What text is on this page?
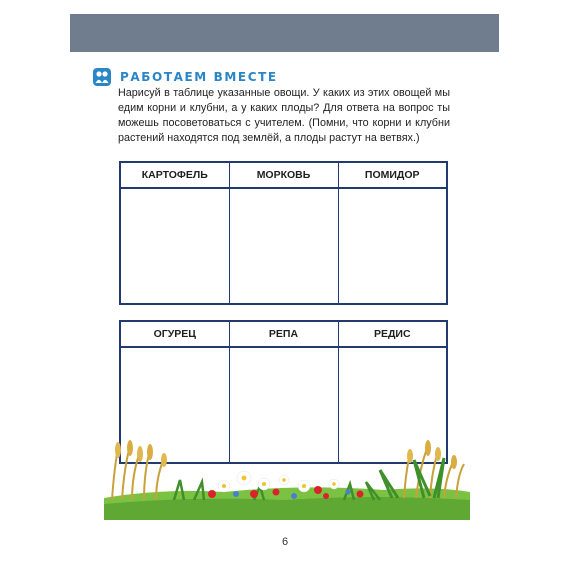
РАБОТАЕМ ВМЕСТЕ

Нарисуй в таблице указанные овощи. У каких из этих овощей мы едим корни и клубни, а у каких плоды? Для ответа на вопрос ты можешь посоветоваться с учителем. (Помни, что корни и клубни растений находятся под землёй, а плоды растут на ветвях.)

КАРТОФЕЛЬ	МОРКОВЬ	ПОМИДОР

ОГУРЕЦ	РЕПА	РЕДИС

6
